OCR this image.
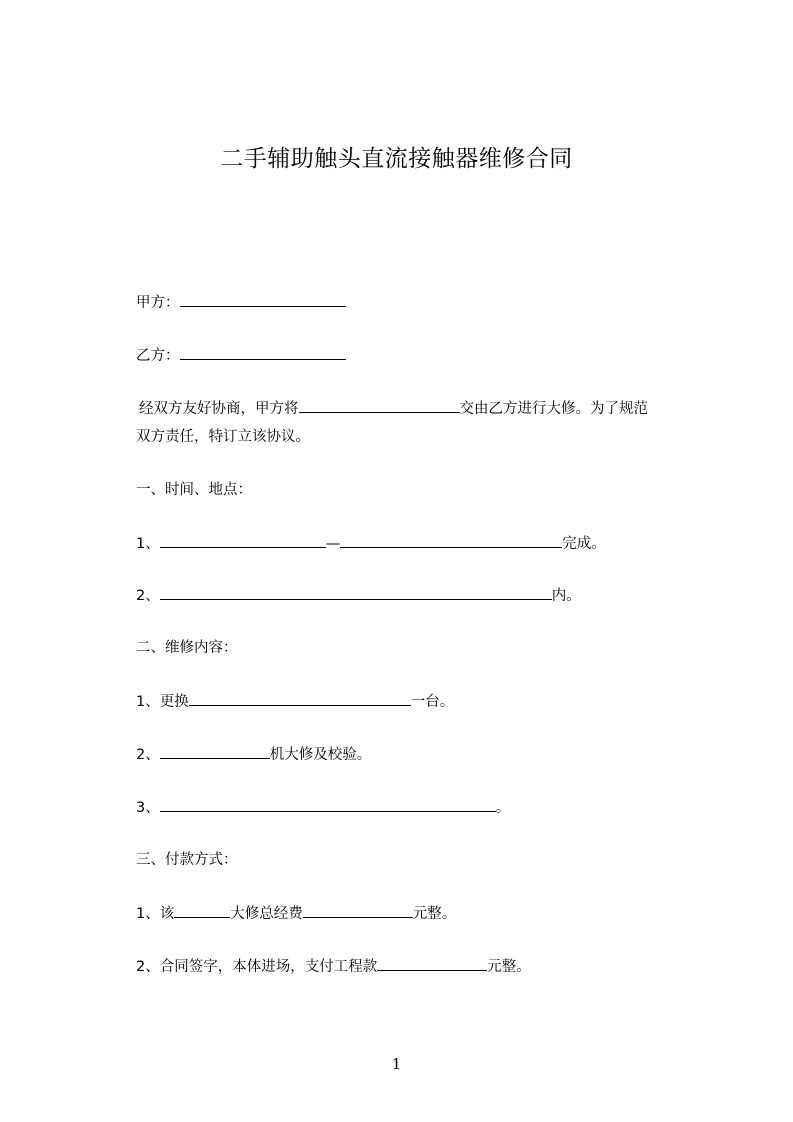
二手辅助触头直流接触器维修合同
甲方：
乙方：
经双方友好协商，甲方将	交由乙方进行大修。为了规范
双方责任，特订立该协议。
一、时间、地点：
1、	—	完成。
2、	内。
二、维修内容：
1、更换	一台。
2、	机大修及校验。
3、	。
三、付款方式：
1、该	大修总经费	元整。
2、合同签字，本体进场，支付工程款	元整。
1
